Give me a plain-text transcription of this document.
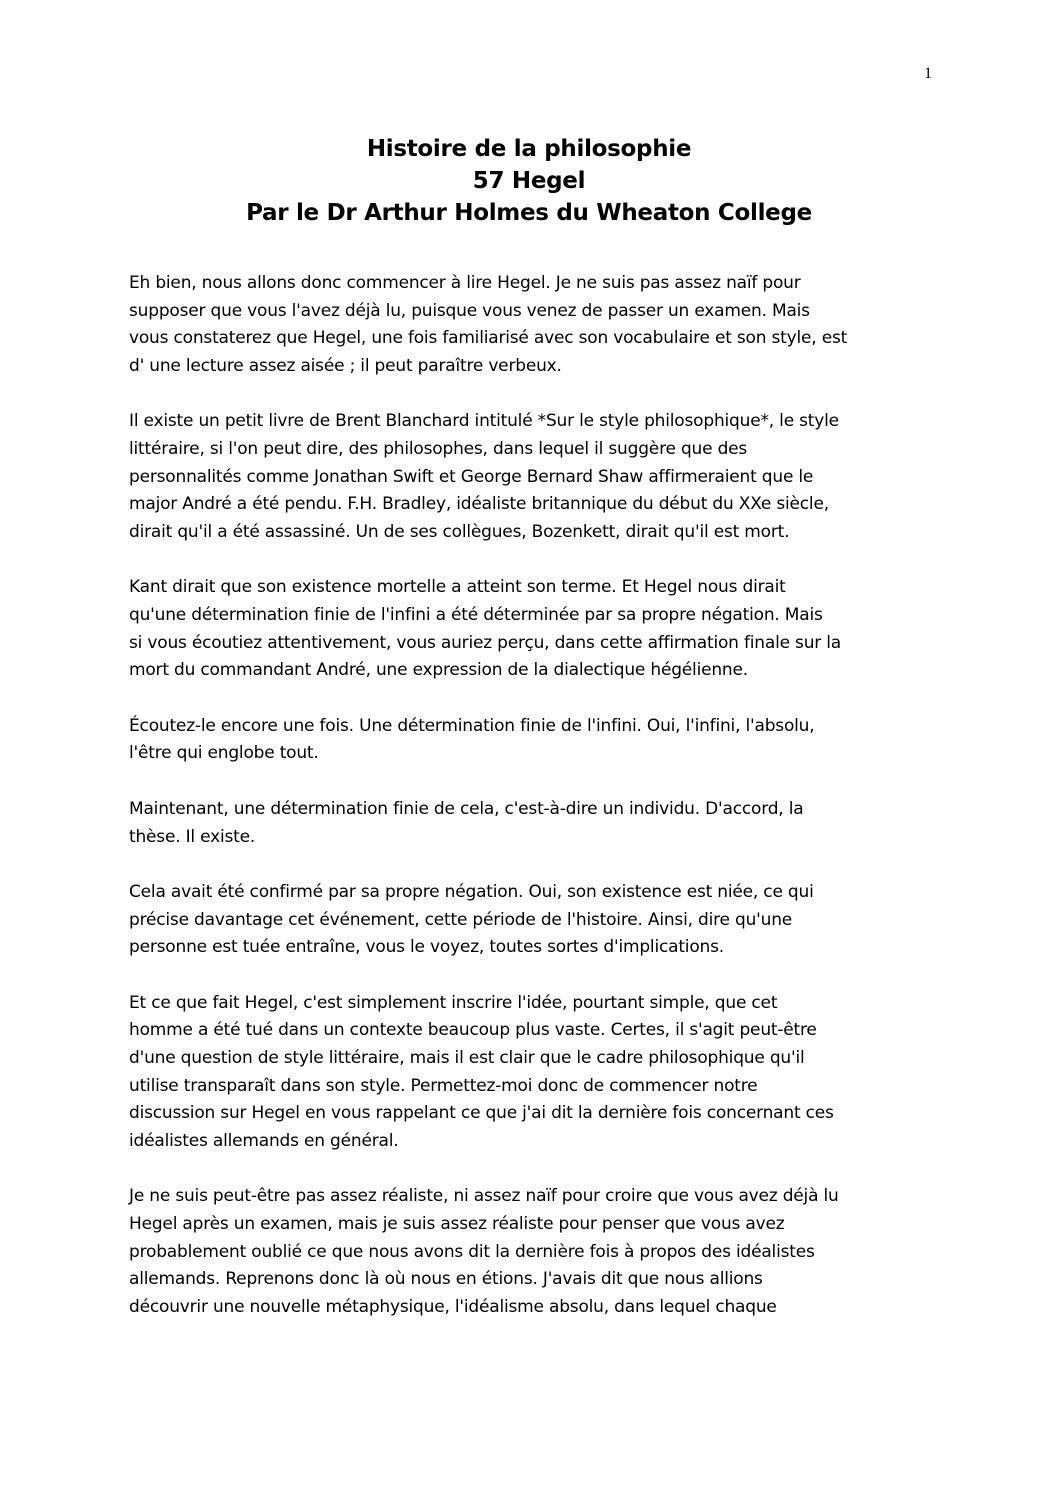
1
Histoire de la philosophie
57 Hegel
Par le Dr Arthur Holmes du Wheaton College

Eh bien, nous allons donc commencer à lire Hegel. Je ne suis pas assez naïf pour
supposer que vous l'avez déjà lu, puisque vous venez de passer un examen. Mais
vous constaterez que Hegel, une fois familiarisé avec son vocabulaire et son style, est
d' une lecture assez aisée ; il peut paraître verbeux.

Il existe un petit livre de Brent Blanchard intitulé *Sur le style philosophique*, le style
littéraire, si l'on peut dire, des philosophes, dans lequel il suggère que des
personnalités comme Jonathan Swift et George Bernard Shaw affirmeraient que le
major André a été pendu. F.H. Bradley, idéaliste britannique du début du XXe siècle,
dirait qu'il a été assassiné. Un de ses collègues, Bozenkett, dirait qu'il est mort.

Kant dirait que son existence mortelle a atteint son terme. Et Hegel nous dirait
qu'une détermination finie de l'infini a été déterminée par sa propre négation. Mais
si vous écoutiez attentivement, vous auriez perçu, dans cette affirmation finale sur la
mort du commandant André, une expression de la dialectique hégélienne.

Écoutez-le encore une fois. Une détermination finie de l'infini. Oui, l'infini, l'absolu,
l'être qui englobe tout.

Maintenant, une détermination finie de cela, c'est-à-dire un individu. D'accord, la
thèse. Il existe.

Cela avait été confirmé par sa propre négation. Oui, son existence est niée, ce qui
précise davantage cet événement, cette période de l'histoire. Ainsi, dire qu'une
personne est tuée entraîne, vous le voyez, toutes sortes d'implications.

Et ce que fait Hegel, c'est simplement inscrire l'idée, pourtant simple, que cet
homme a été tué dans un contexte beaucoup plus vaste. Certes, il s'agit peut-être
d'une question de style littéraire, mais il est clair que le cadre philosophique qu'il
utilise transparaît dans son style. Permettez-moi donc de commencer notre
discussion sur Hegel en vous rappelant ce que j'ai dit la dernière fois concernant ces
idéalistes allemands en général.

Je ne suis peut-être pas assez réaliste, ni assez naïf pour croire que vous avez déjà lu
Hegel après un examen, mais je suis assez réaliste pour penser que vous avez
probablement oublié ce que nous avons dit la dernière fois à propos des idéalistes
allemands. Reprenons donc là où nous en étions. J'avais dit que nous allions
découvrir une nouvelle métaphysique, l'idéalisme absolu, dans lequel chaque
